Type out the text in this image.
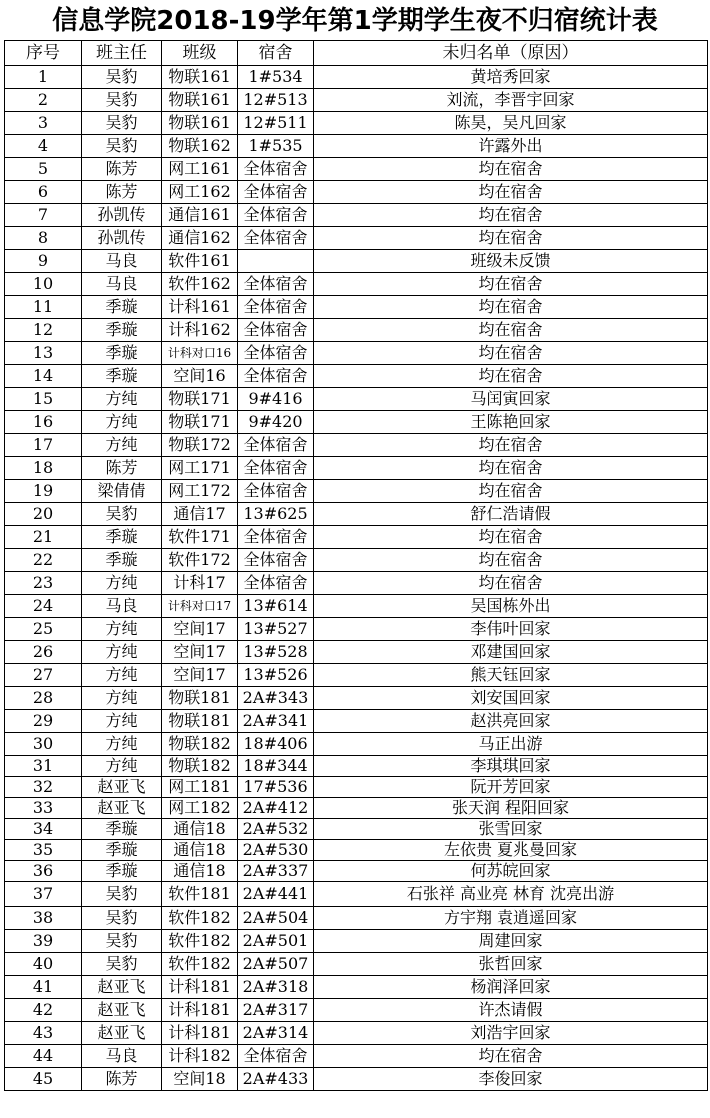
信息学院2018-19学年第1学期学生夜不归宿统计表
序号	班主任	班级	宿舍	未归名单（原因）
1	吴豹	物联161	1#534	黄培秀回家
2	吴豹	物联161	12#513	刘流，李晋宇回家
3	吴豹	物联161	12#511	陈昊，吴凡回家
4	吴豹	物联162	1#535	许露外出
5	陈芳	网工161	全体宿舍	均在宿舍
6	陈芳	网工162	全体宿舍	均在宿舍
7	孙凯传	通信161	全体宿舍	均在宿舍
8	孙凯传	通信162	全体宿舍	均在宿舍
9	马良	软件161		班级未反馈
10	马良	软件162	全体宿舍	均在宿舍
11	季璇	计科161	全体宿舍	均在宿舍
12	季璇	计科162	全体宿舍	均在宿舍
13	季璇	计科对口16	全体宿舍	均在宿舍
14	季璇	空间16	全体宿舍	均在宿舍
15	方纯	物联171	9#416	马闰寅回家
16	方纯	物联171	9#420	王陈艳回家
17	方纯	物联172	全体宿舍	均在宿舍
18	陈芳	网工171	全体宿舍	均在宿舍
19	梁倩倩	网工172	全体宿舍	均在宿舍
20	吴豹	通信17	13#625	舒仁浩请假
21	季璇	软件171	全体宿舍	均在宿舍
22	季璇	软件172	全体宿舍	均在宿舍
23	方纯	计科17	全体宿舍	均在宿舍
24	马良	计科对口17	13#614	吴国栋外出
25	方纯	空间17	13#527	李伟叶回家
26	方纯	空间17	13#528	邓建国回家
27	方纯	空间17	13#526	熊天钰回家
28	方纯	物联181	2A#343	刘安国回家
29	方纯	物联181	2A#341	赵洪亮回家
30	方纯	物联182	18#406	马正出游
31	方纯	物联182	18#344	李琪琪回家
32	赵亚飞	网工181	17#536	阮开芳回家
33	赵亚飞	网工182	2A#412	张天润 程阳回家
34	季璇	通信18	2A#532	张雪回家
35	季璇	通信18	2A#530	左依贵 夏兆曼回家
36	季璇	通信18	2A#337	何苏皖回家
37	吴豹	软件181	2A#441	石张祥 高业亮 林育 沈亮出游
38	吴豹	软件182	2A#504	方宇翔 袁逍遥回家
39	吴豹	软件182	2A#501	周建回家
40	吴豹	软件182	2A#507	张哲回家
41	赵亚飞	计科181	2A#318	杨润泽回家
42	赵亚飞	计科181	2A#317	许杰请假
43	赵亚飞	计科181	2A#314	刘浩宇回家
44	马良	计科182	全体宿舍	均在宿舍
45	陈芳	空间18	2A#433	李俊回家
